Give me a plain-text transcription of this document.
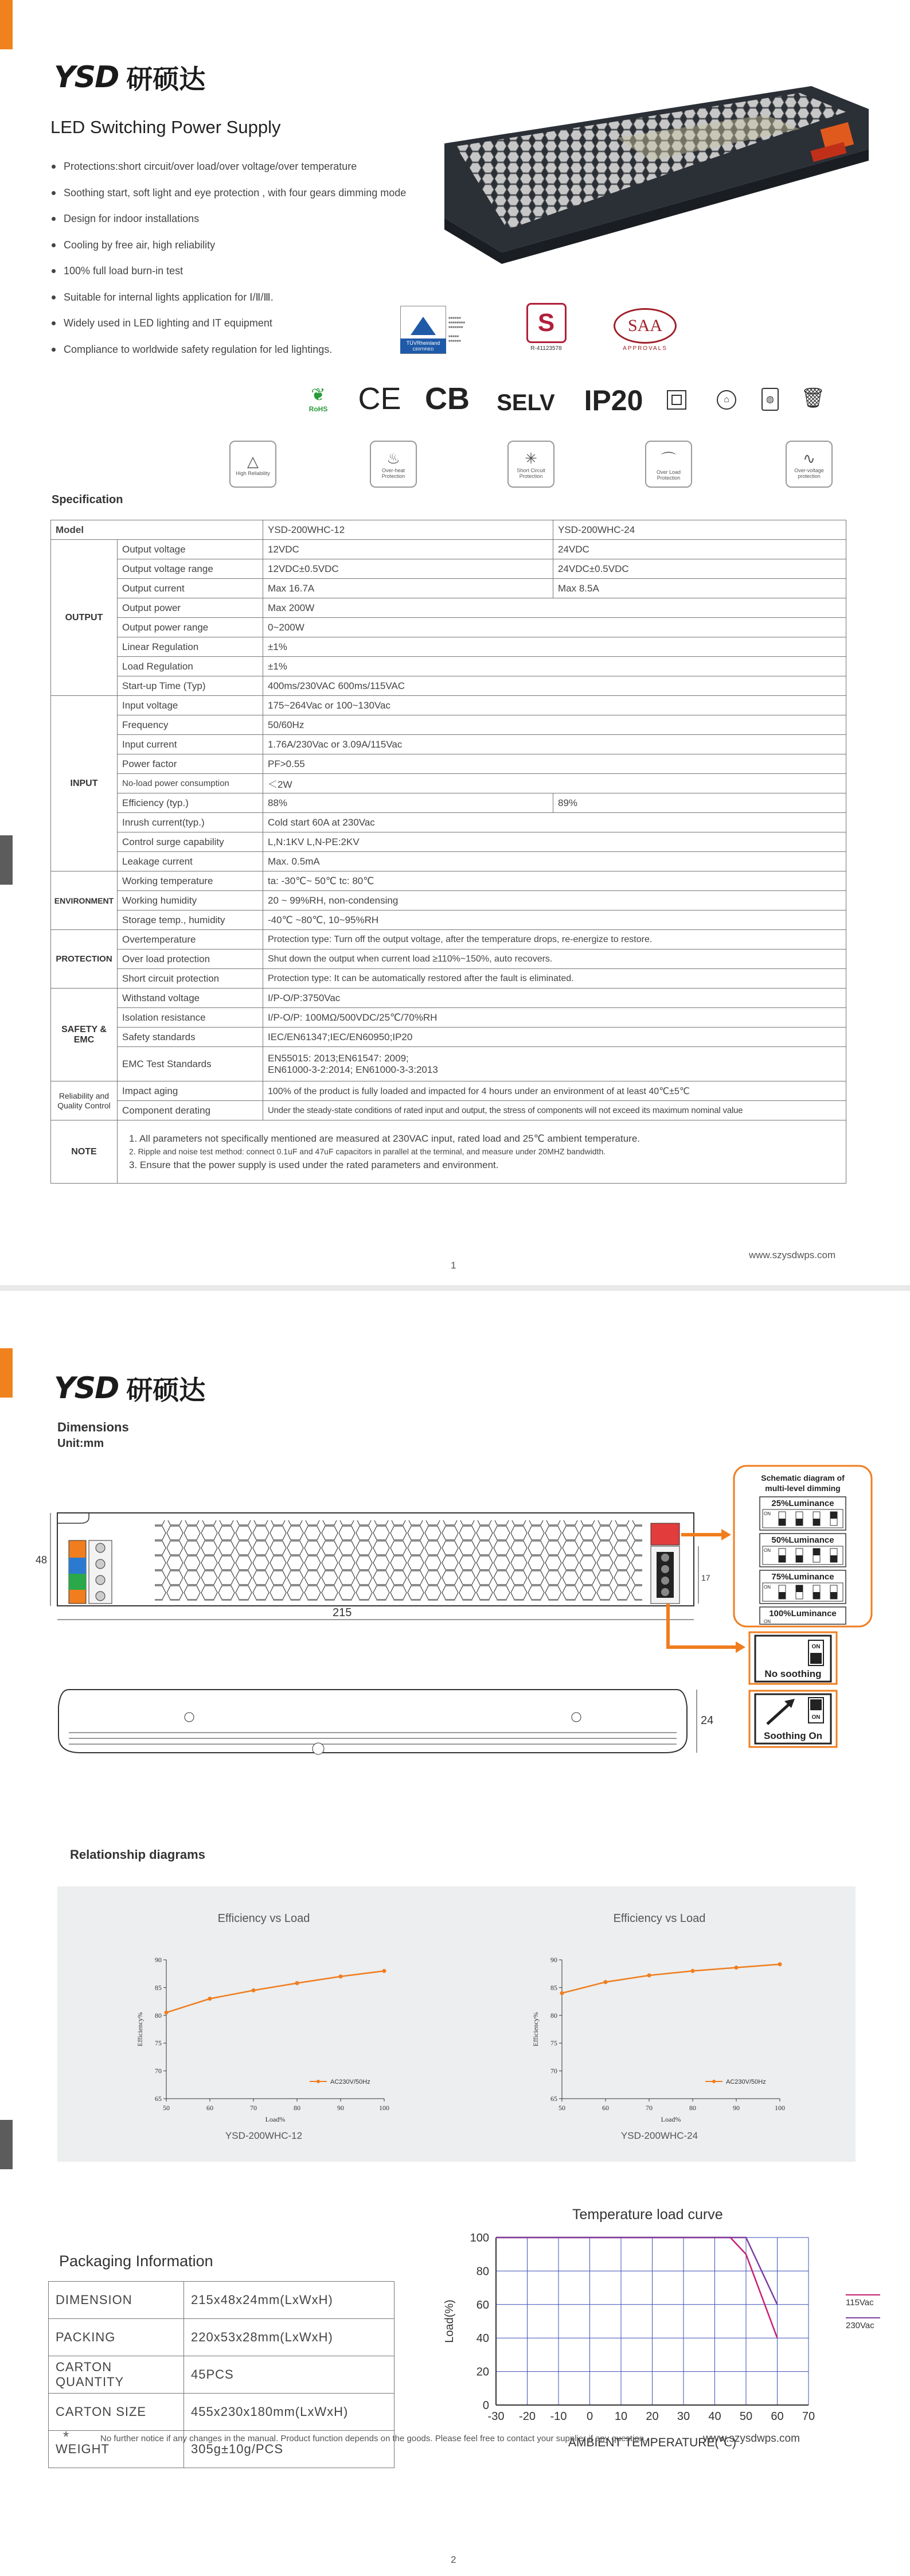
YSD 研硕达
LED Switching Power Supply
Protections:short circuit/over load/over voltage/over temperature
Soothing start, soft light and eye protection , with four gears dimming mode
Design for indoor installations
Cooling by free air, high reliability
100% full load burn-in test
Suitable for internal lights application for Ⅰ/Ⅱ/Ⅲ.
Widely used in LED lighting and IT equipment
Compliance to worldwide safety regulation for led lightings.
TÜVRheinland
CERTIFIED
■■■■■■
■■■■■■■■
■■■■■■■

■■■■■
■■■■■■
S
R-41123578
SAA
APPROVALS
❦
RoHS CE CB SELV IP20	⌂	◍ 🗑
△
High Reliability
♨
Over-heat Protection
✳
Short Circuit Protection
⌒
Over Load Protection
∿
Over-voltage protection
Specification
Model		YSD-200WHC-12	YSD-200WHC-24
OUTPUT	Output voltage	12VDC	24VDC
	Output voltage range	12VDC±0.5VDC	24VDC±0.5VDC
	Output current	Max 16.7A	Max 8.5A
	Output power	Max 200W	
	Output power range	0~200W	
	Linear Regulation	±1%	
	Load Regulation	±1%	
	Start-up Time (Typ)	400ms/230VAC 600ms/115VAC	
INPUT	Input voltage	175~264Vac or 100~130Vac	
	Frequency	50/60Hz	
	Input current	1.76A/230Vac or 3.09A/115Vac	
	Power factor	PF>0.55	
	No-load power consumption	＜2W	
	Efficiency (typ.)	88%	89%
	Inrush current(typ.)	Cold start 60A at 230Vac	
	Control surge capability	L,N:1KV L,N-PE:2KV	
	Leakage current	Max. 0.5mA	
ENVIRONMENT	Working temperature	ta: -30℃~ 50℃ tc: 80℃	
	Working humidity	20 ~ 99%RH, non-condensing	
	Storage temp., humidity	-40℃ ~80℃, 10~95%RH	
PROTECTION	Overtemperature	Protection type: Turn off the output voltage, after the temperature drops, re-energize to restore.	
	Over load protection	Shut down the output when current load ≥110%~150%, auto recovers.	
	Short circuit protection	Protection type: It can be automatically restored after the fault is eliminated.	
SAFETY & EMC	Withstand voltage	I/P-O/P:3750Vac	
	Isolation resistance	I/P-O/P: 100MΩ/500VDC/25℃/70%RH	
	Safety standards	IEC/EN61347;IEC/EN60950;IP20	
	EMC Test Standards	EN55015: 2013;EN61547: 2009;
EN61000-3-2:2014; EN61000-3-3:2013	

Reliability and Quality Control	Impact aging	100% of the product is fully loaded and impacted for 4 hours under an environment of at least 40℃±5℃	
	Component derating	Under the steady-state conditions of rated input and output, the stress of components will not exceed its maximum nominal value	
NOTE	1. All parameters not specifically mentioned are measured at 230VAC input, rated load and 25℃ ambient temperature.
2. Ripple and noise test method: connect 0.1uF and 47uF capacitors in parallel at the terminal, and measure under 20MHZ bandwidth.
3. Ensure that the power supply is used under the rated parameters and environment.		
www.szysdwps.com
1
YSD 研硕达
Dimensions
Unit:mm
48
215
17
24
Schematic diagram of
multi-level dimming
25%Luminance
ON
50%Luminance
ON
75%Luminance
ON
100%Luminance
ON
ON
No soothing
ON
Soothing On
Relationship diagrams
Efficiency vs Load
65
70
75
80
85
90
50	60	70	80	90	100
Load%
Efficiency%
AC230V/50Hz
YSD-200WHC-12
Efficiency vs Load
65
70
75
80
85
90
50	60	70	80	90	100
Load%
Efficiency%
AC230V/50Hz
YSD-200WHC-24
Packaging Information
DIMENSION	215x48x24mm(LxWxH)
PACKING	220x53x28mm(LxWxH)
CARTON QUANTITY	45PCS
CARTON SIZE	455x230x180mm(LxWxH)
WEIGHT	305g±10g/PCS
Temperature load curve
-30 -20 -10 0 10 20 30 40 50 60 70
0
20
40
60
80
100
Load(%)
AMBIENT TEMPERATURE(℃)
115Vac
230Vac
*	No further notice if any changes in the manual. Product function depends on the goods. Please feel free to contact your supplier if any question.	www.szysdwps.com
2
